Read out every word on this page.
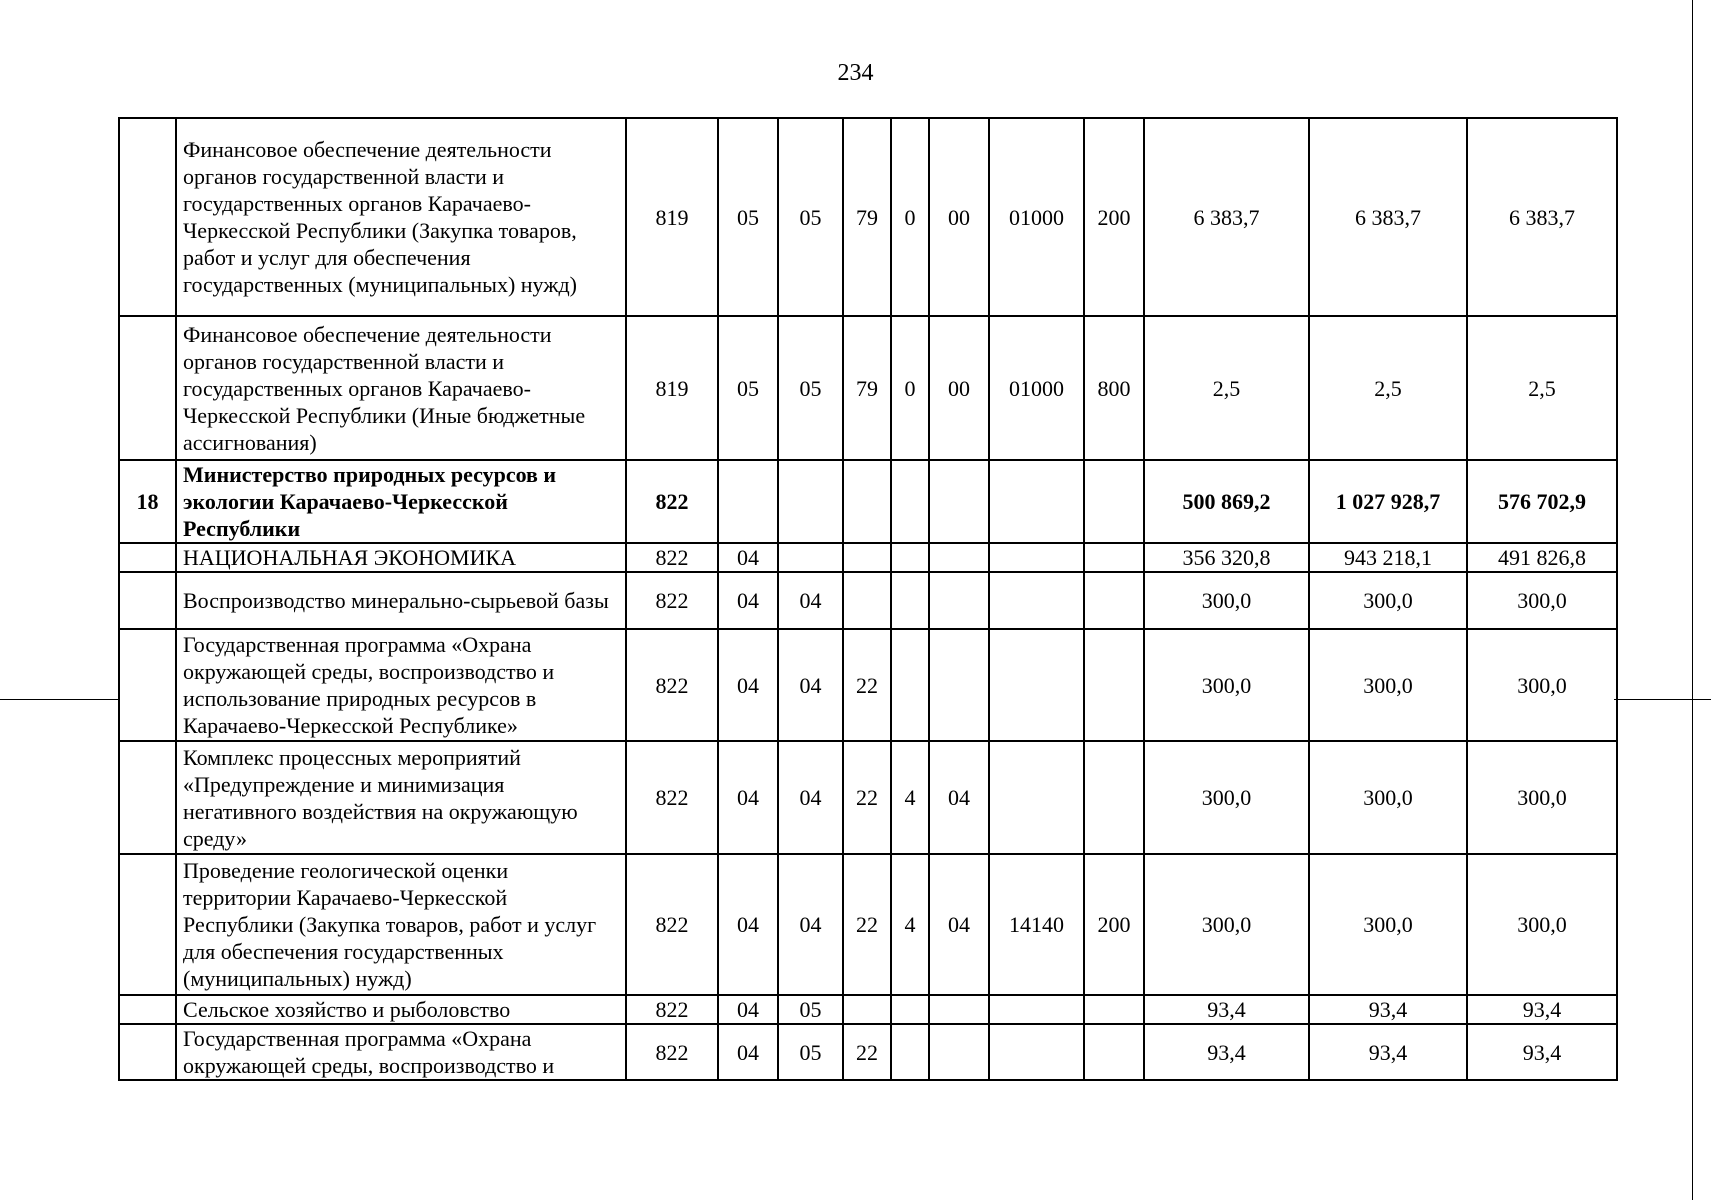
234
	Финансовое обеспечение деятельности органов государственной власти и государственных органов Карачаево-Черкесской Республики (Закупка товаров, работ и услуг для обеспечения государственных (муниципальных) нужд)	819	05	05	79	0	00	01000	200	6 383,7	6 383,7	6 383,7
	Финансовое обеспечение деятельности органов государственной власти и государственных органов Карачаево-Черкесской Республики (Иные бюджетные ассигнования)	819	05	05	79	0	00	01000	800	2,5	2,5	2,5
18	Министерство природных ресурсов и экологии Карачаево-Черкесской Республики	822								500 869,2	1 027 928,7	576 702,9
	НАЦИОНАЛЬНАЯ ЭКОНОМИКА	822	04							356 320,8	943 218,1	491 826,8
	Воспроизводство минерально-сырьевой базы	822	04	04						300,0	300,0	300,0
	Государственная программа «Охрана окружающей среды, воспроизводство и использование природных ресурсов в Карачаево-Черкесской Республике»	822	04	04	22					300,0	300,0	300,0
	Комплекс процессных мероприятий «Предупреждение и минимизация негативного воздействия на окружающую среду»	822	04	04	22	4	04			300,0	300,0	300,0
	Проведение геологической оценки территории Карачаево-Черкесской Республики (Закупка товаров, работ и услуг для обеспечения государственных (муниципальных) нужд)	822	04	04	22	4	04	14140	200	300,0	300,0	300,0
	Сельское хозяйство и рыболовство	822	04	05						93,4	93,4	93,4
	Государственная программа «Охрана окружающей среды, воспроизводство и	822	04	05	22					93,4	93,4	93,4
